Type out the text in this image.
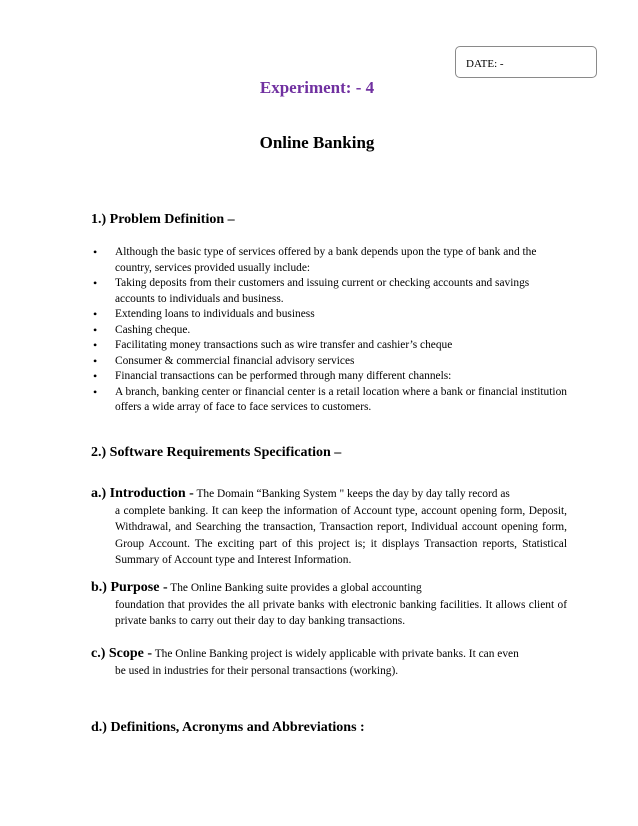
DATE: -
Experiment: - 4
Online Banking
1.) Problem Definition –
• Although the basic type of services offered by a bank depends upon the type of bank and the country, services provided usually include:
• Taking deposits from their customers and issuing current or checking accounts and savings accounts to individuals and business.
• Extending loans to individuals and business
• Cashing cheque.
• Facilitating money transactions such as wire transfer and cashier’s cheque
• Consumer & commercial financial advisory services
• Financial transactions can be performed through many different channels:
• A branch, banking center or financial center is a retail location where a bank or financial institution offers a wide array of face to face services to customers.
2.) Software Requirements Specification –
a.) Introduction - The Domain “Banking System " keeps the day by day tally record as
a complete banking. It can keep the information of Account type, account opening form, Deposit, Withdrawal, and Searching the transaction, Transaction report, Individual account opening form, Group Account. The exciting part of this project is; it displays Transaction reports, Statistical Summary of Account type and Interest Information.
b.) Purpose - The Online Banking suite provides a global accounting
foundation that provides the all private banks with electronic banking facilities. It allows client of private banks to carry out their day to day banking transactions.
c.) Scope - The Online Banking project is widely applicable with private banks. It can even
be used in industries for their personal transactions (working).
d.) Definitions, Acronyms and Abbreviations :
